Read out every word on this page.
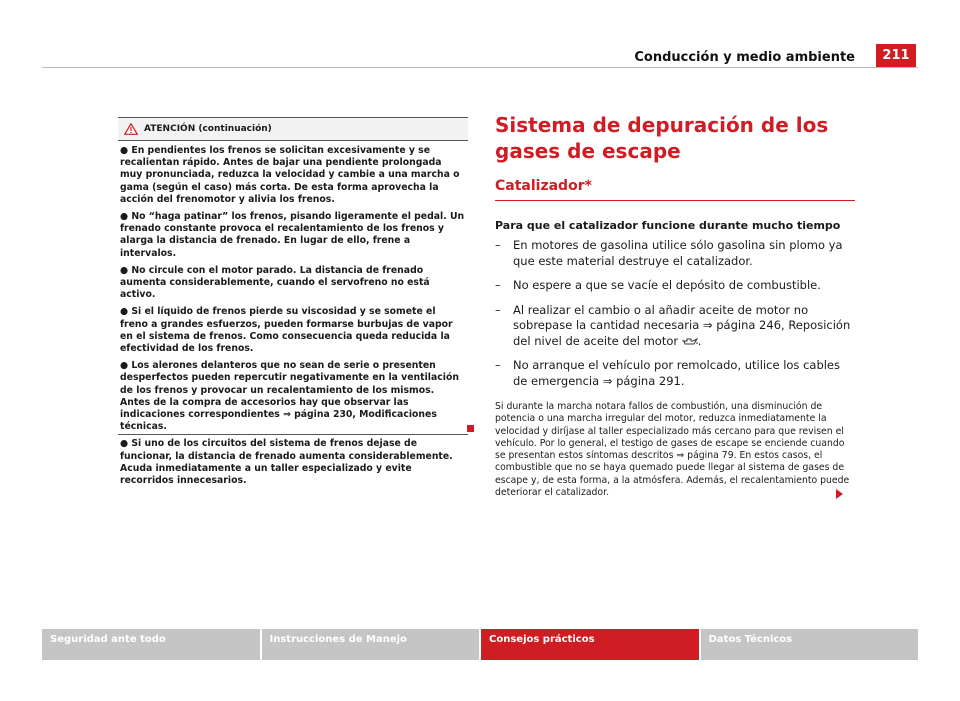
Conducción y medio ambiente	211
ATENCIÓN (continuación)

● En pendientes los frenos se solicitan excesivamente y se recalientan rápido. Antes de bajar una pendiente prolongada muy pronunciada, reduzca la velocidad y cambie a una marcha o gama (según el caso) más corta. De esta forma aprovecha la acción del frenomotor y alivia los frenos.

● No “haga patinar” los frenos, pisando ligeramente el pedal. Un frenado constante provoca el recalentamiento de los frenos y alarga la distancia de frenado. En lugar de ello, frene a intervalos.

● No circule con el motor parado. La distancia de frenado aumenta considerablemente, cuando el servofreno no está activo.

● Si el líquido de frenos pierde su viscosidad y se somete el freno a grandes esfuerzos, pueden formarse burbujas de vapor en el sistema de frenos. Como consecuencia queda reducida la efectividad de los frenos.

● Los alerones delanteros que no sean de serie o presenten desperfectos pueden repercutir negativamente en la ventilación de los frenos y provocar un recalentamiento de los mismos. Antes de la compra de accesorios hay que observar las indicaciones correspondientes ⇒ página 230, Modificaciones técnicas.

● Si uno de los circuitos del sistema de frenos dejase de funcionar, la distancia de frenado aumenta considerablemente. Acuda inmediatamente a un taller especializado y evite recorridos innecesarios.

Sistema de depuración de los gases de escape
Catalizador*
Para que el catalizador funcione durante mucho tiempo
– En motores de gasolina utilice sólo gasolina sin plomo ya que este material destruye el catalizador.
– No espere a que se vacíe el depósito de combustible.
– Al realizar el cambio o al añadir aceite de motor no sobrepase la cantidad necesaria ⇒ página 246, Reposición del nivel de aceite del motor .
– No arranque el vehículo por remolcado, utilice los cables de emergencia ⇒ página 291.

Si durante la marcha notara fallos de combustión, una disminución de potencia o una marcha irregular del motor, reduzca inmediatamente la velocidad y diríjase al taller especializado más cercano para que revisen el vehículo. Por lo general, el testigo de gases de escape se enciende cuando se presentan estos síntomas descritos ⇒ página 79. En estos casos, el combustible que no se haya quemado puede llegar al sistema de gases de escape y, de esta forma, a la atmósfera. Además, el recalentamiento puede deteriorar el catalizador.

Seguridad ante todo	Instrucciones de Manejo	Consejos prácticos	Datos Técnicos
